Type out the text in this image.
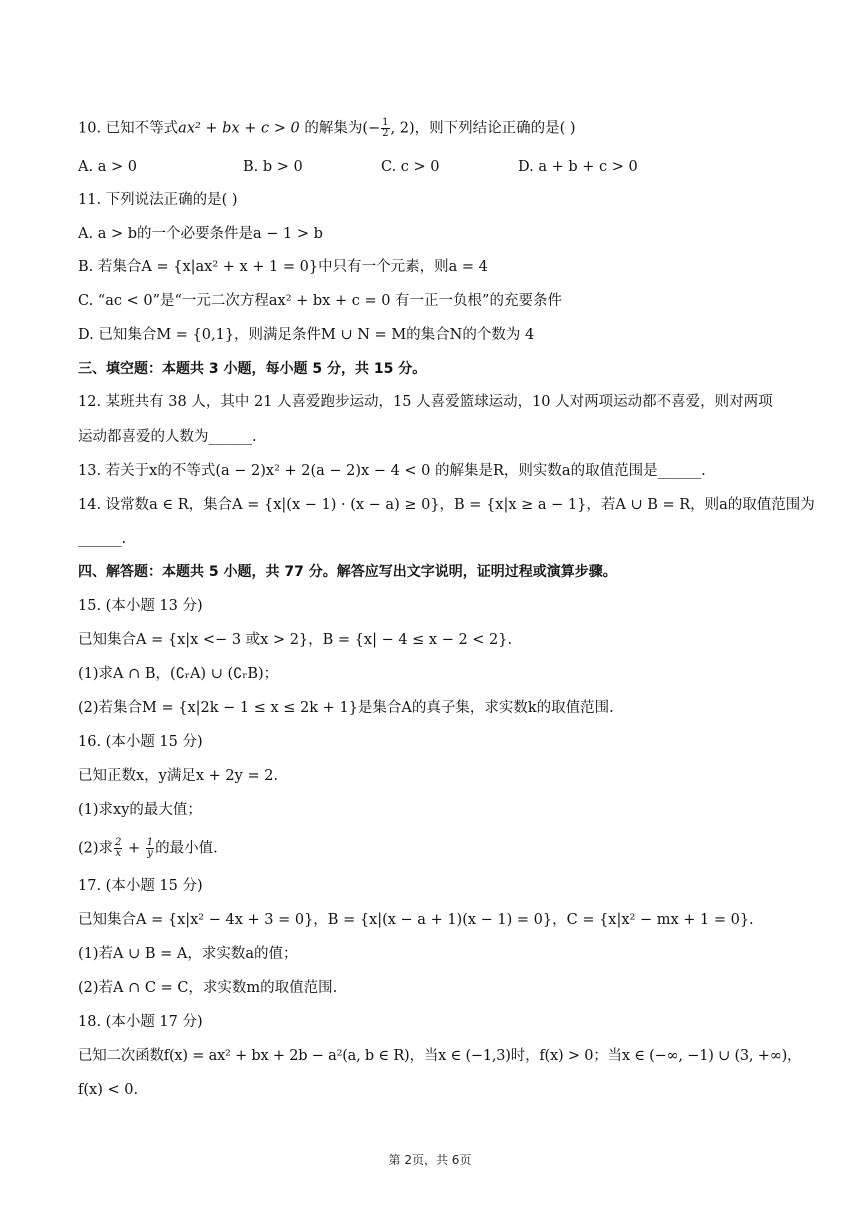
10. 已知不等式ax² + bx + c > 0 的解集为(− $\frac{1}{2}$ , 2)，则下列结论正确的是( )
A. a > 0	B. b > 0	C. c > 0	D. a + b + c > 0
11. 下列说法正确的是( )
A. a > b的一个必要条件是a − 1 > b
B. 若集合A = {x|ax² + x + 1 = 0}中只有一个元素，则a = 4
C. “ac < 0”是“一元二次方程ax² + bx + c = 0 有一正一负根”的充要条件
D. 已知集合M = {0,1}，则满足条件M ∪ N = M的集合N的个数为 4
三、填空题：本题共 3 小题，每小题 5 分，共 15 分。
12. 某班共有 38 人，其中 21 人喜爱跑步运动，15 人喜爱篮球运动，10 人对两项运动都不喜爱，则对两项
运动都喜爱的人数为______.
13. 若关于x的不等式(a − 2)x² + 2(a − 2)x − 4 < 0 的解集是R，则实数a的取值范围是______.
14. 设常数a ∈ R，集合A = {x|(x − 1) · (x − a) ≥ 0}，B = {x|x ≥ a − 1}，若A ∪ B = R，则a的取值范围为
______.
四、解答题：本题共 5 小题，共 77 分。解答应写出文字说明，证明过程或演算步骤。
15. (本小题 13 分)
已知集合A = {x|x <− 3 或x > 2}，B = {x| − 4 ≤ x − 2 < 2}.
(1)求A ∩ B，(∁ᵣA) ∪ (∁ᵣB)；
(2)若集合M = {x|2k − 1 ≤ x ≤ 2k + 1}是集合A的真子集，求实数k的取值范围.
16. (本小题 15 分)
已知正数x，y满足x + 2y = 2.
(1)求xy的最大值；
(2)求 $\frac{2}{x} + \frac{1}{y}$ 的最小值.
17. (本小题 15 分)
已知集合A = {x|x² − 4x + 3 = 0}，B = {x|(x − a + 1)(x − 1) = 0}，C = {x|x² − mx + 1 = 0}.
(1)若A ∪ B = A，求实数a的值；
(2)若A ∩ C = C，求实数m的取值范围.
18. (本小题 17 分)
已知二次函数f(x) = ax² + bx + 2b − a²(a, b ∈ R)，当x ∈ (−1,3)时，f(x) > 0；当x ∈ (−∞, −1) ∪ (3, +∞)，
f(x) < 0.
第 2页，共 6页
